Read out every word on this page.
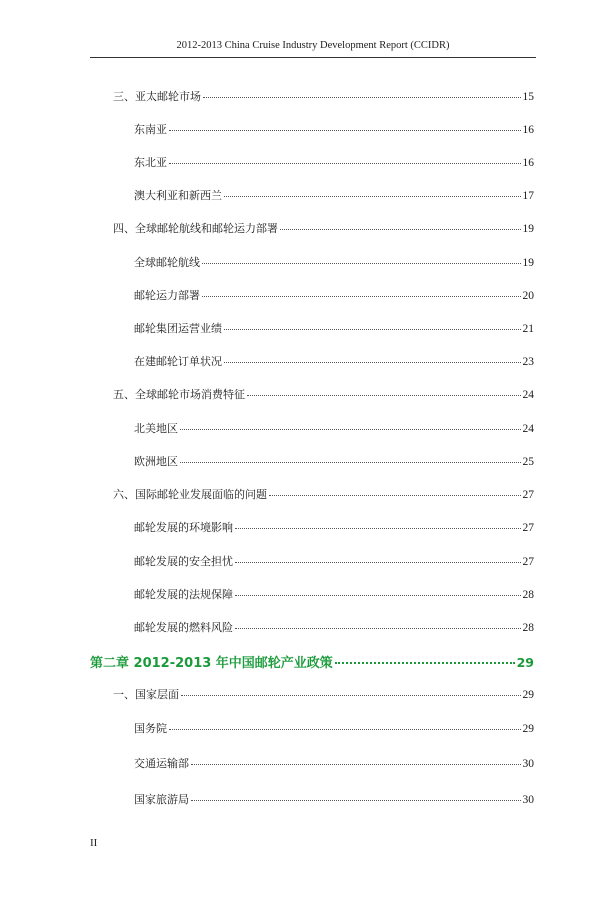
2012-2013 China Cruise Industry Development Report (CCIDR)
三、亚太邮轮市场	15
东南亚	16
东北亚	16
澳大利亚和新西兰	17
四、全球邮轮航线和邮轮运力部署	19
全球邮轮航线	19
邮轮运力部署	20
邮轮集团运营业绩	21
在建邮轮订单状况	23
五、全球邮轮市场消费特征	24
北美地区	24
欧洲地区	25
六、国际邮轮业发展面临的问题	27
邮轮发展的环境影响	27
邮轮发展的安全担忧	27
邮轮发展的法规保障	28
邮轮发展的燃料风险	28
第二章 2012-2013 年中国邮轮产业政策	29
一、国家层面	29
国务院	29
交通运输部	30
国家旅游局	30
II
